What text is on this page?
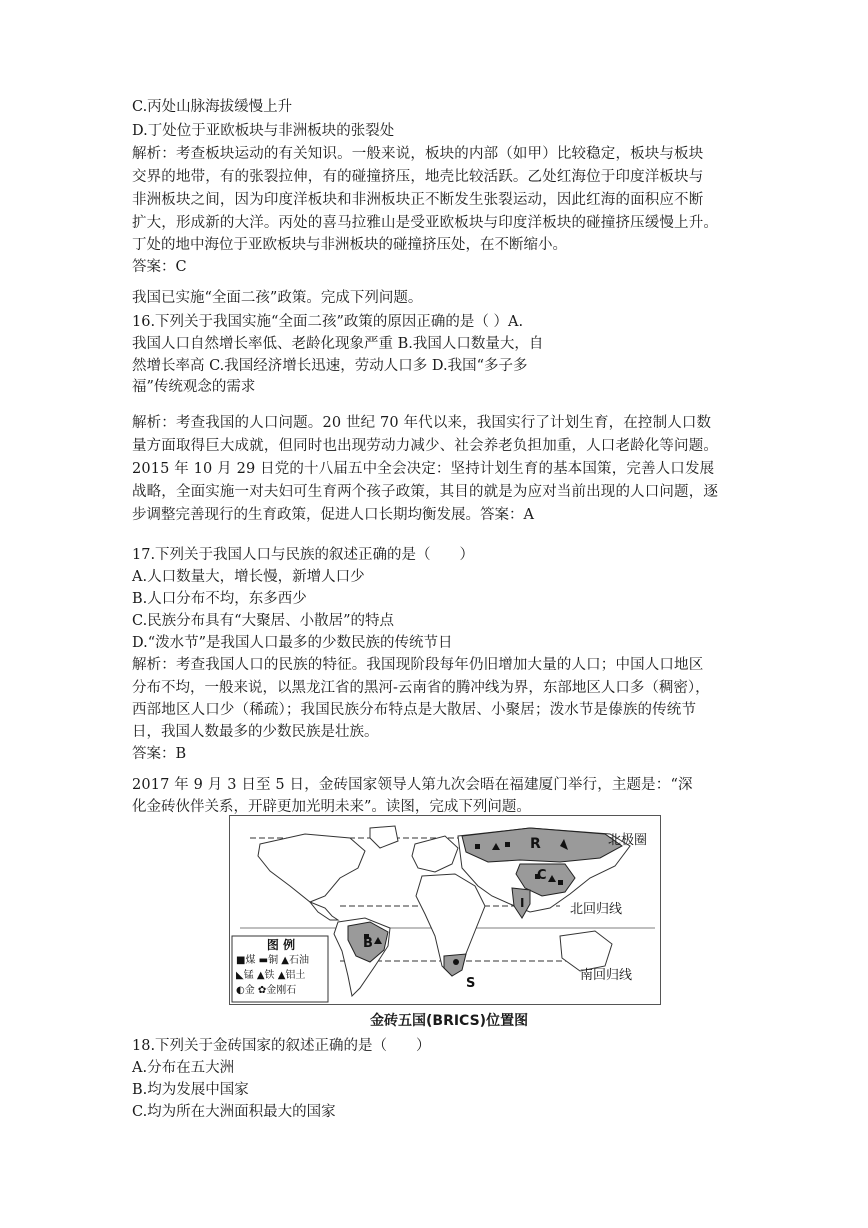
C.丙处山脉海拔缓慢上升
D.丁处位于亚欧板块与非洲板块的张裂处
解析：考查板块运动的有关知识。一般来说，板块的内部（如甲）比较稳定，板块与板块
交界的地带，有的张裂拉伸，有的碰撞挤压，地壳比较活跃。乙处红海位于印度洋板块与
非洲板块之间，因为印度洋板块和非洲板块正不断发生张裂运动，因此红海的面积应不断
扩大，形成新的大洋。丙处的喜马拉雅山是受亚欧板块与印度洋板块的碰撞挤压缓慢上升。
丁处的地中海位于亚欧板块与非洲板块的碰撞挤压处，在不断缩小。
答案：C
我国已实施“全面二孩”政策。完成下列问题。
16.下列关于我国实施“全面二孩”政策的原因正确的是（ ）A.
我国人口自然增长率低、老龄化现象严重 B.我国人口数量大，自
然增长率高 C.我国经济增长迅速，劳动人口多 D.我国“多子多
福”传统观念的需求
解析：考查我国的人口问题。20 世纪 70 年代以来，我国实行了计划生育，在控制人口数
量方面取得巨大成就，但同时也出现劳动力减少、社会养老负担加重，人口老龄化等问题。
2015 年 10 月 29 日党的十八届五中全会决定：坚持计划生育的基本国策，完善人口发展
战略，全面实施一对夫妇可生育两个孩子政策，其目的就是为应对当前出现的人口问题，逐
步调整完善现行的生育政策，促进人口长期均衡发展。答案：A
17.下列关于我国人口与民族的叙述正确的是（　　）
A.人口数量大，增长慢，新增人口少
B.人口分布不均，东多西少
C.民族分布具有“大聚居、小散居”的特点
D.“泼水节”是我国人口最多的少数民族的传统节日
解析：考查我国人口的民族的特征。我国现阶段每年仍旧增加大量的人口；中国人口地区
分布不均，一般来说，以黑龙江省的黑河-云南省的腾冲线为界，东部地区人口多（稠密），
西部地区人口少（稀疏）；我国民族分布特点是大散居、小聚居；泼水节是傣族的传统节
日，我国人数最多的少数民族是壮族。
答案：B
2017 年 9 月 3 日至 5 日，金砖国家领导人第九次会晤在福建厦门举行，主题是：“深
化金砖伙伴关系，开辟更加光明未来”。读图，完成下列问题。
R
C
I
B
S
北极圈
北回归线
南回归线
图 例
■煤 ▬铜 ▲石油
◣锰 ▲铁 ▲铝土
◐金 ✿金刚石
金砖五国(BRICS)位置图
18.下列关于金砖国家的叙述正确的是（　　）
A.分布在五大洲
B.均为发展中国家
C.均为所在大洲面积最大的国家
